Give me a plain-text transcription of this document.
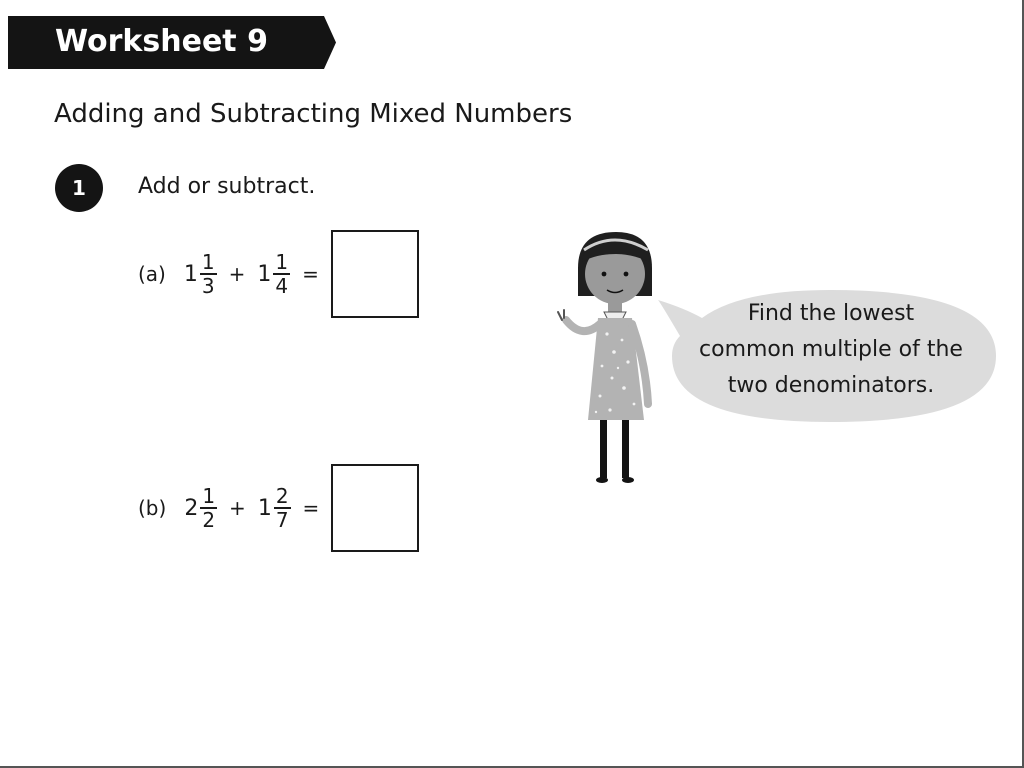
Worksheet 9
Adding and Subtracting Mixed Numbers
1	Add or subtract.
(a) $1 \frac{1}{3} + 1 \frac{1}{4}$ =
(b) $2 \frac{1}{2} + 1 \frac{2}{7}$ =
Find the lowest
common multiple of the
two denominators.
